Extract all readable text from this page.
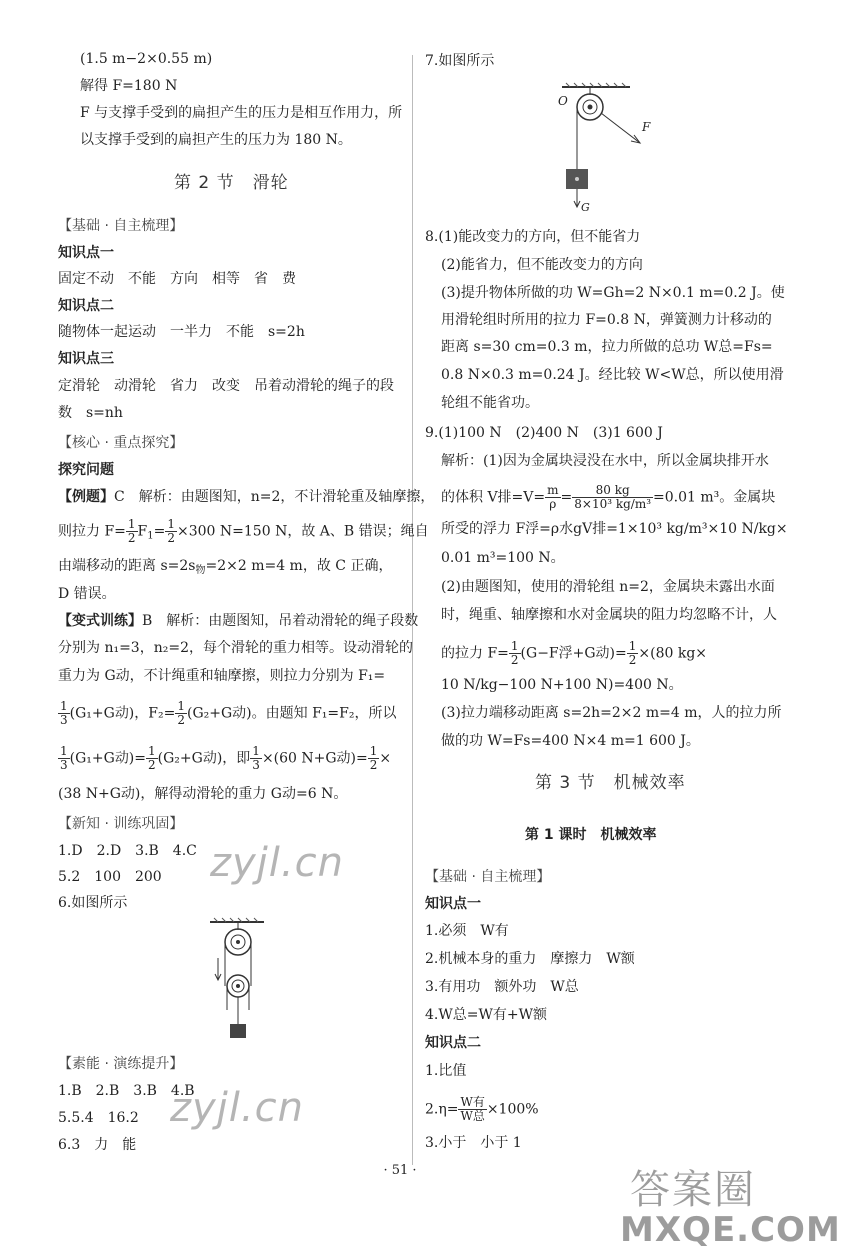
(1.5 m−2×0.55 m)
解得 F=180 N
F 与支撑手受到的扁担产生的压力是相互作用力，所
以支撑手受到的扁担产生的压力为 180 N。
第 2 节　滑轮
【基础 · 自主梳理】
知识点一
固定不动　不能　方向　相等　省　费
知识点二
随物体一起运动　一半力　不能　s=2h
知识点三
定滑轮　动滑轮　省力　改变　吊着动滑轮的绳子的段
数　s=nh
【核心 · 重点探究】
探究问题
【例题】C　解析：由题图知，n=2，不计滑轮重及轴摩擦，
则拉力 $F= \frac{1}{2} F_1= \frac{1}{2} \times 300$ N=150 N，故 A、B 错误；绳自
由端移动的距离 $s=2s_物=2\times 2$ m=4 m，故 C 正确，
D 错误。
【变式训练】B　解析：由题图知，吊着动滑轮的绳子段数
分别为 n₁=3，n₂=2，每个滑轮的重力相等。设动滑轮的
重力为 G动，不计绳重和轴摩擦，则拉力分别为 F₁=
$\frac{1}{3} (G_1+G$动)，$F_2= \frac{1}{2} (G_2+G$动)。由题知 F₁=F₂，所以
$\frac{1}{3} (G_1+G$动)= $\frac{1}{2} (G_2+G$动)，即 $\frac{1}{3} \times(60$ N+G动)= $\frac{1}{2}$ ×
(38 N+G动)，解得动滑轮的重力 G动=6 N。
【新知 · 训练巩固】
1.D　2.D　3.B　4.C
5.2　100　200
6.如图所示
【素能 · 演练提升】
1.B　2.B　3.B　4.B
5.5.4　16.2
6.3　力　能
7.如图所示
O
F
G
8.(1)能改变力的方向，但不能省力
(2)能省力，但不能改变力的方向
(3)提升物体所做的功 W=Gh=2 N×0.1 m=0.2 J。使
用滑轮组时所用的拉力 F=0.8 N，弹簧测力计移动的
距离 s=30 cm=0.3 m，拉力所做的总功 W总=Fs=
0.8 N×0.3 m=0.24 J。经比较 W<W总，所以使用滑
轮组不能省功。
9.(1)100 N　(2)400 N　(3)1 600 J
解析：(1)因为金属块浸没在水中，所以金属块排开水
的体积 V排$=V= \frac{m}{\rho} = \frac{80 kg}{\text{8×10³ kg/m³}} =0.01$ m³。金属块
所受的浮力 F浮=ρ水gV排=1×10³ kg/m³×10 N/kg×
0.01 m³=100 N。
(2)由题图知，使用的滑轮组 n=2，金属块未露出水面
时，绳重、轴摩擦和水对金属块的阻力均忽略不计，人
的拉力 $F= \frac{1}{2} (G-F$浮+G动)= $\frac{1}{2} \times(80$ kg×
10 N/kg−100 N+100 N)=400 N。
(3)拉力端移动距离 s=2h=2×2 m=4 m，人的拉力所
做的功 W=Fs=400 N×4 m=1 600 J。
第 3 节　机械效率
第 1 课时　机械效率
【基础 · 自主梳理】
知识点一
1.必须　W有
2.机械本身的重力　摩擦力　W额
3.有用功　额外功　W总
4.W总=W有+W额
知识点二
1.比值
$2.\eta= \frac{\text{W有}}{\text{W总}} \times 100\%$
3.小于　小于 1
· 51 ·
zyjl.cn
zyjl.cn
答案圈
MXQE.COM
